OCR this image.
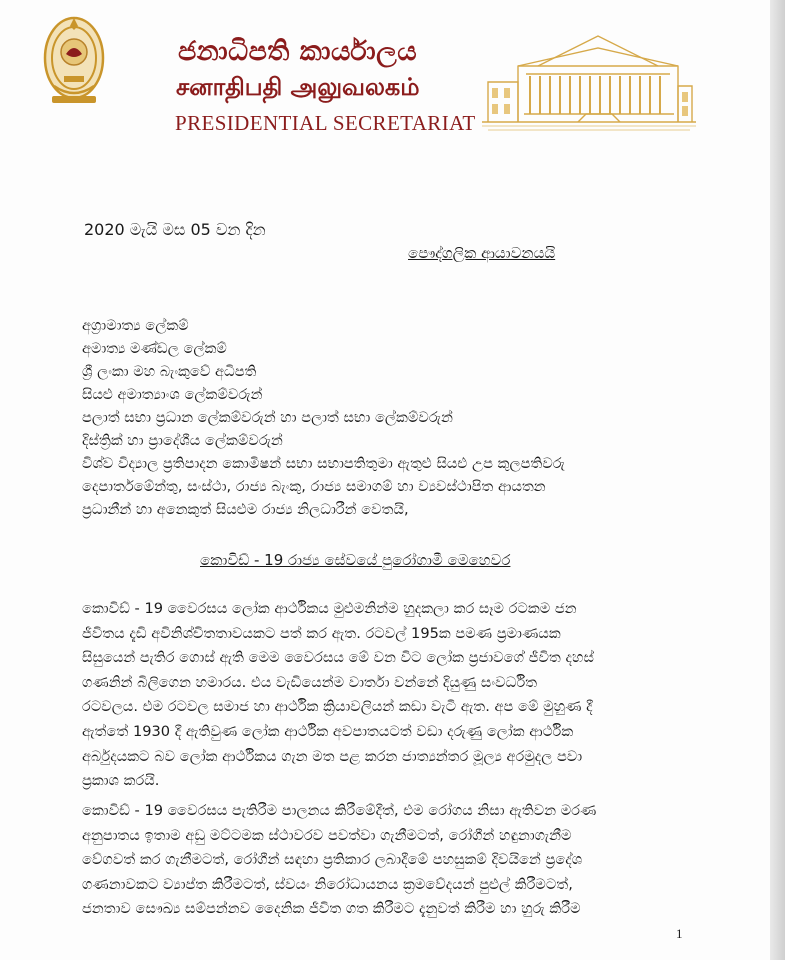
ජනාධිපති කාර්යාලය
சனாதிபதி அலுவலகம்
PRESIDENTIAL SECRETARIAT
2020 මැයි මස 05 වන දින
පෞද්ගලික ආයාවනයයි
අග්‍රාමාත්‍ය ලේකම්
අමාත්‍ය මණ්ඩල ලේකම්
ශ්‍රී ලංකා මහ බැංකුවේ අධිපති
සියළු අමාත්‍යාංශ ලේකම්වරුන්
පලාත් සභා ප්‍රධාන ලේකම්වරුන් හා පලාත් සභා ලේකම්වරුන්
දිස්ත්‍රික් හා ප්‍රාදේශීය ලේකම්වරුන්
විශ්ව විද්‍යාල ප්‍රතිපාදන කොමිෂන් සභා සභාපතිතුමා ඇතුළු සියළු උප කුලපතිවරු
දෙපාර්තමේන්තු, සංස්ථා, රාජ්‍ය බැංකු, රාජ්‍ය සමාගම් හා ව්‍යවස්ථාපිත ආයතන
ප්‍රධානීන් හා අනෙකුත් සියළුම රාජ්‍ය නිලධාරීන් වෙතයි,
කොවිඩ් - 19 රාජ්‍ය සේවයේ පුරෝගාමී මෙහෙවර
කොවිඩ් - 19 වෛරසය ලෝක ආර්ථිකය මුළුමනින්ම හුදකලා කර සෑම රටකම ජන
ජීවිතය දැඩි අවිනිශ්චිතතාවයකට පත් කර ඇත. රටවල් 195ක පමණ ප්‍රමාණයක
සිසුයෙන් පැතිර ගොස් ඇති මෙම වෛරසය මේ වන විට ලෝක ප්‍රජාවගේ ජීවිත දහස්
ගණනින් බිලිගෙන හමාරය. එය වැඩියෙන්ම වාර්තා වන්නේ දියුණු සංවර්ධිත
රටවලය. එම රටවල සමාජ හා ආර්ථික ක්‍රියාවලියන් කඩා වැටී ඇත. අප මේ මුහුණ දී
ඇත්තේ 1930 දී ඇතිවුණ ලෝක ආර්ථික අවපාතයටත් වඩා දරුණු ලෝක ආර්ථික
අර්බුදයකට බව ලෝක ආර්ථිකය ගැන මත පළ කරන ජාත්‍යන්තර මූල්‍ය අරමුදල පවා
ප්‍රකාශ කරයි.
කොවිඩ් - 19 වෛරසය පැතිරීම පාලනය කිරීමේදීත්, එම රෝගය නිසා ඇතිවන මරණ
අනුපාතය ඉතාම අඩු මට්ටමක ස්ථාවරව පවත්වා ගැනීමටත්, රෝගීන් හඳුනාගැනීම
වේගවත් කර ගැනීමටත්, රෝගීන් සඳහා ප්‍රතිකාර ලබාදීමේ පහසුකම් දිවයිනේ ප්‍රදේශ
ගණනාවකට ව්‍යාප්ත කිරීමටත්, ස්වයං නිරෝධායනය ක්‍රමවේදයන් පුළුල් කිරීමටත්,
ජනතාව සෞඛ්‍ය සම්පන්නව දෛනික ජීවිත ගත කිරීමට දැනුවත් කිරීම හා හුරු කිරීම
1
